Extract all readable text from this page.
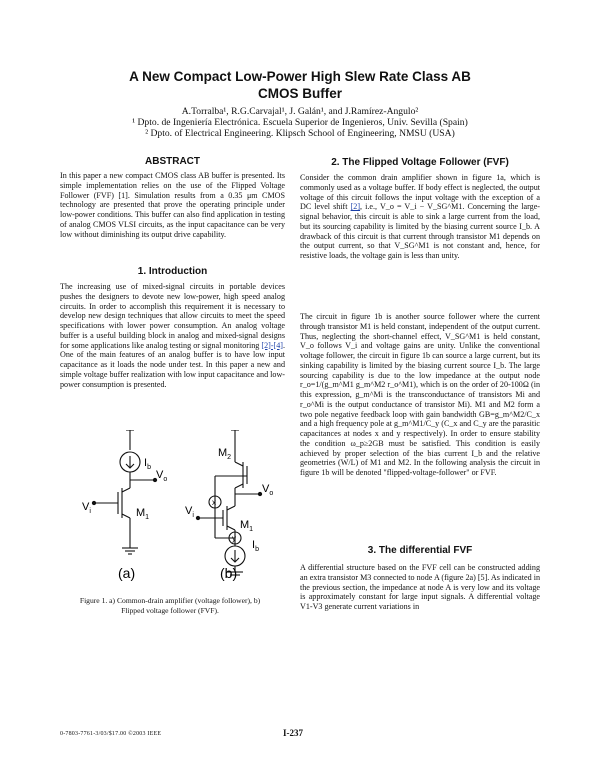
A New Compact Low-Power High Slew Rate Class AB
CMOS Buffer
A.Torralba¹, R.G.Carvajal¹, J. Galán¹, and J.Ramírez-Angulo²
¹ Dpto. de Ingeniería Electrónica. Escuela Superior de Ingenieros, Univ. Sevilla (Spain)
² Dpto. of Electrical Engineering. Klipsch School of Engineering, NMSU (USA)
ABSTRACT

In this paper a new compact CMOS class AB buffer is presented. Its simple implementation relies on the use of the Flipped Voltage Follower (FVF) [1]. Simulation results from a 0.35 μm CMOS technology are presented that prove the operating principle under low-power conditions. This buffer can also find application in testing of analog CMOS VLSI circuits, as the input capacitance can be very low without diminishing its output drive capability.

1. Introduction

The increasing use of mixed-signal circuits in portable devices pushes the designers to devote new low-power, high speed analog circuits. In order to accomplish this requirement it is necessary to develop new design techniques that allow circuits to meet the speed specifications with lower power consumption. An analog voltage buffer is a useful building block in analog and mixed-signal designs for some applications like analog testing or signal monitoring [2]-[4]. One of the main features of an analog buffer is to have low input capacitance as it loads the node under test. In this paper a new and simple voltage buffer realization with low input capacitance and low-power consumption is presented.

$I_b$
$V_o$
$V_i$	$M_1$
(a)
$M_2$
$V_o$
$V_i$
$M_1$
x
y
$I_b$
(b)
Figure 1. a) Common-drain amplifier (voltage follower), b)
Flipped voltage follower (FVF).
2. The Flipped Voltage Follower (FVF)

Consider the common drain amplifier shown in figure 1a, which is commonly used as a voltage buffer. If body effect is neglected, the output voltage of this circuit follows the input voltage with the exception of a DC level shift [2], i.e., V_o = V_i − V_SG^M1. Concerning the large-signal behavior, this circuit is able to sink a large current from the load, but its sourcing capability is limited by the biasing current source I_b. A drawback of this circuit is that current through transistor M1 depends on the output current, so that V_SG^M1 is not constant and, hence, for resistive loads, the voltage gain is less than unity.

The circuit in figure 1b is another source follower where the current through transistor M1 is held constant, independent of the output current. Thus, neglecting the short-channel effect, V_SG^M1 is held constant, V_o follows V_i and voltage gains are unity. Unlike the conventional voltage follower, the circuit in figure 1b can source a large current, but its sinking capability is limited by the biasing current source I_b. The large sourcing capability is due to the low impedance at the output node r_o=1/(g_m^M1 g_m^M2 r_o^M1), which is on the order of 20-100Ω (in this expression, g_m^Mi is the transconductance of transistors Mi and r_o^Mi is the output conductance of transistor Mi). M1 and M2 form a two pole negative feedback loop with gain bandwidth GB=g_m^M2/C_x and a high frequency pole at g_m^M1/C_y (C_x and C_y are the parasitic capacitances at nodes x and y respectively). In order to ensure stability the condition ω_p≥2GB must be satisfied. This condition is easily achieved by proper selection of the bias current I_b and the relative geometries (W/L) of M1 and M2. In the following analysis the circuit in figure 1b will be denoted "flipped-voltage-follower" or FVF.

3. The differential FVF

A differential structure based on the FVF cell can be constructed adding an extra transistor M3 connected to node A (figure 2a) [5]. As indicated in the previous section, the impedance at node A is very low and its voltage is approximately constant for large input signals. A differential voltage V1-V3 generate current variations in

0-7803-7761-3/03/$17.00 ©2003 IEEE	I-237
